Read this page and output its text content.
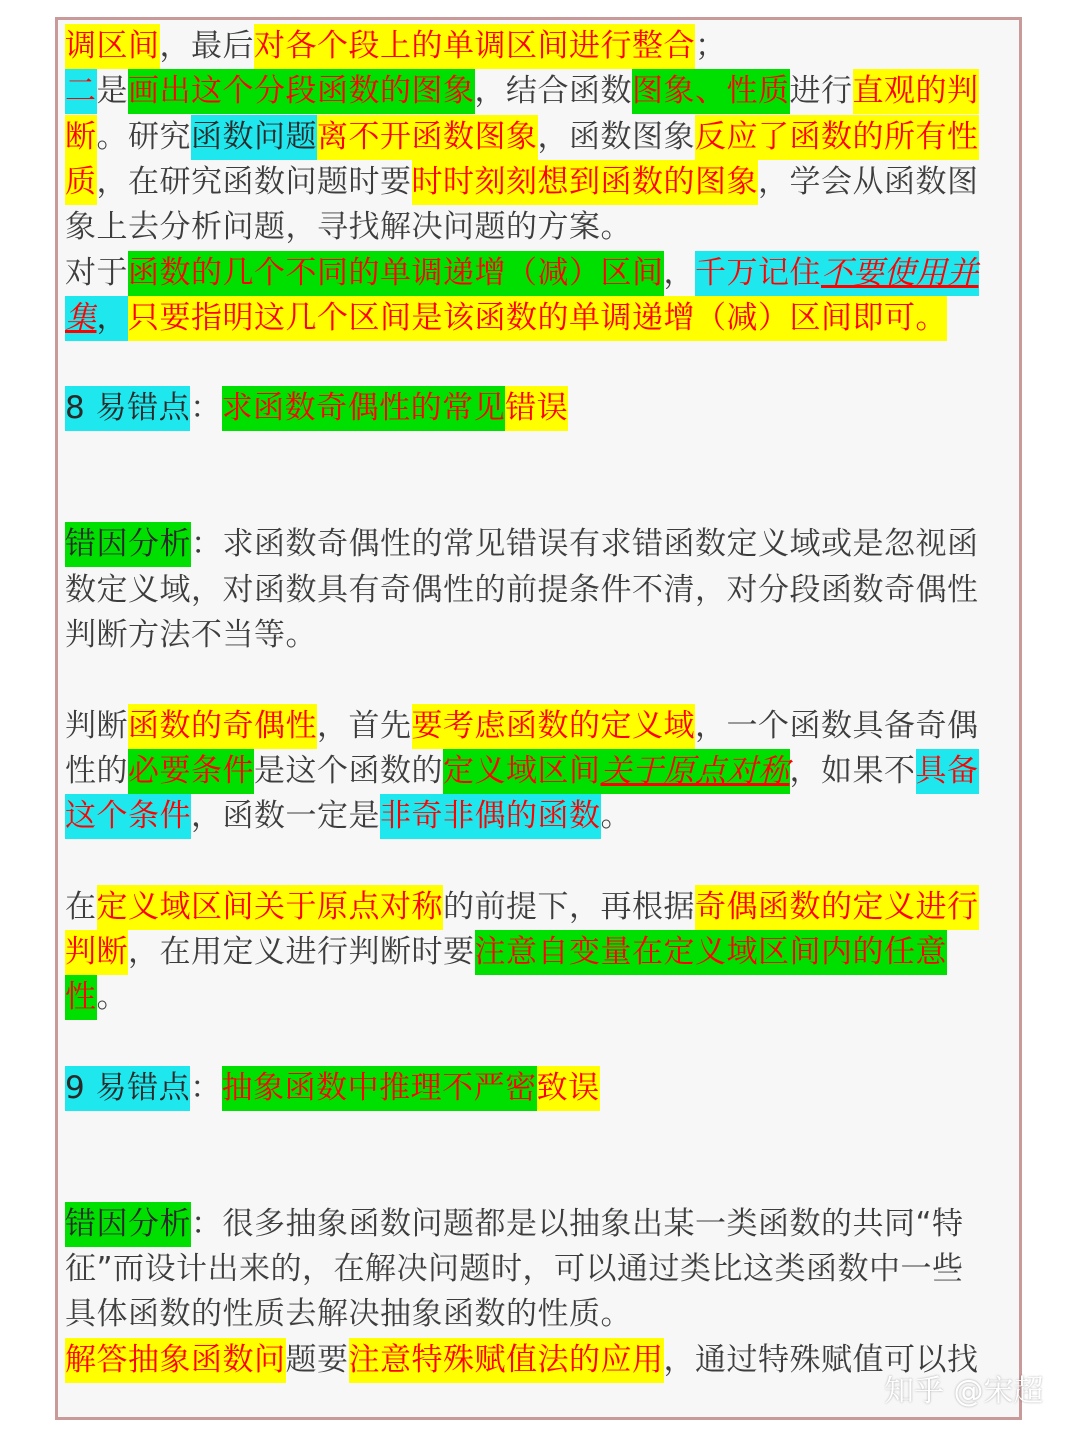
调区间，最后对各个段上的单调区间进行整合；
二是画出这个分段函数的图象，结合函数图象、性质进行直观的判
断。研究函数问题离不开函数图象，函数图象反应了函数的所有性
质，在研究函数问题时要时时刻刻想到函数的图象，学会从函数图
象上去分析问题，寻找解决问题的方案。
对于函数的几个不同的单调递增（减）区间，千万记住不要使用并
集，只要指明这几个区间是该函数的单调递增（减）区间即可。
8 易错点：求函数奇偶性的常见错误
错因分析：求函数奇偶性的常见错误有求错函数定义域或是忽视函
数定义域，对函数具有奇偶性的前提条件不清，对分段函数奇偶性
判断方法不当等。
判断函数的奇偶性，首先要考虑函数的定义域，一个函数具备奇偶
性的必要条件是这个函数的定义域区间关于原点对称，如果不具备
这个条件，函数一定是非奇非偶的函数。
在定义域区间关于原点对称的前提下，再根据奇偶函数的定义进行
判断，在用定义进行判断时要注意自变量在定义域区间内的任意
性。
9 易错点：抽象函数中推理不严密致误
错因分析：很多抽象函数问题都是以抽象出某一类函数的共同“特
征”而设计出来的，在解决问题时，可以通过类比这类函数中一些
具体函数的性质去解决抽象函数的性质。
解答抽象函数问题要注意特殊赋值法的应用，通过特殊赋值可以找
知乎 @宋超
